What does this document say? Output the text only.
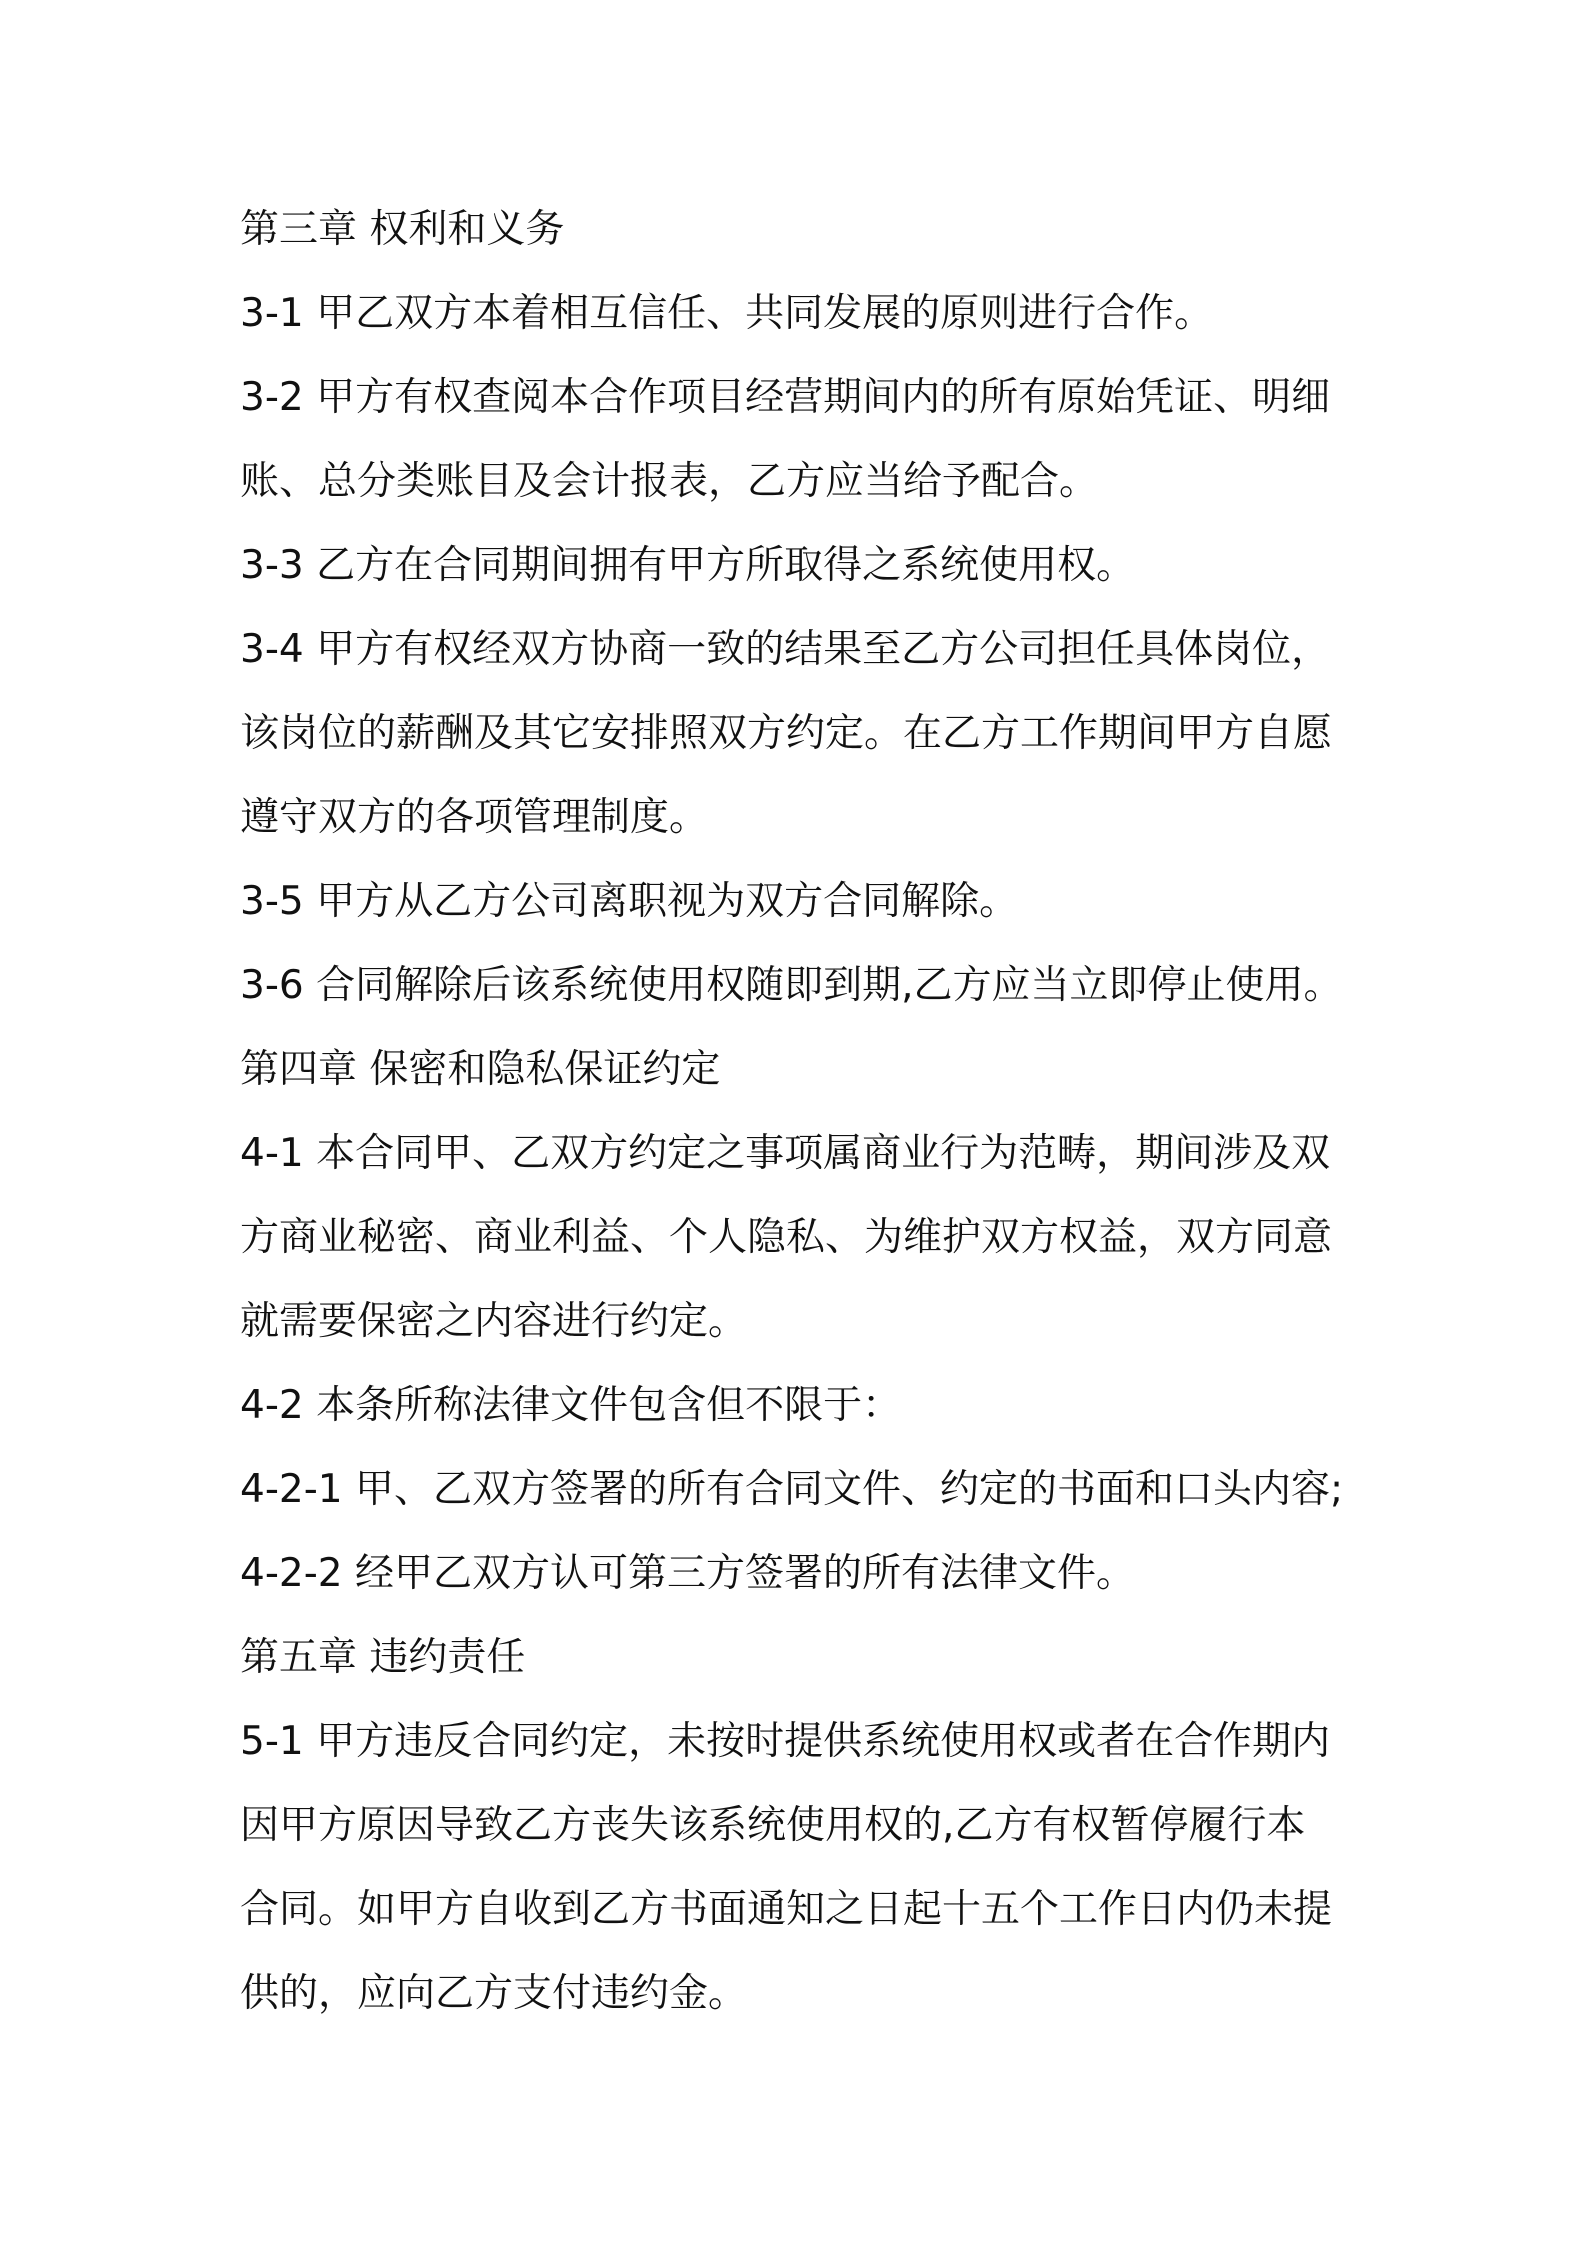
第三章 权利和义务
3-1 甲乙双方本着相互信任、共同发展的原则进行合作。
3-2 甲方有权查阅本合作项目经营期间内的所有原始凭证、明细
账、总分类账目及会计报表，乙方应当给予配合。
3-3 乙方在合同期间拥有甲方所取得之系统使用权。
3-4 甲方有权经双方协商一致的结果至乙方公司担任具体岗位，
该岗位的薪酬及其它安排照双方约定。在乙方工作期间甲方自愿
遵守双方的各项管理制度。
3-5 甲方从乙方公司离职视为双方合同解除。
3-6 合同解除后该系统使用权随即到期,乙方应当立即停止使用。
第四章 保密和隐私保证约定
4-1 本合同甲、乙双方约定之事项属商业行为范畴，期间涉及双
方商业秘密、商业利益、个人隐私、为维护双方权益，双方同意
就需要保密之内容进行约定。
4-2 本条所称法律文件包含但不限于：
4-2-1 甲、乙双方签署的所有合同文件、约定的书面和口头内容;
4-2-2 经甲乙双方认可第三方签署的所有法律文件。
第五章 违约责任
5-1 甲方违反合同约定，未按时提供系统使用权或者在合作期内
因甲方原因导致乙方丧失该系统使用权的,乙方有权暂停履行本
合同。如甲方自收到乙方书面通知之日起十五个工作日内仍未提
供的，应向乙方支付违约金。
